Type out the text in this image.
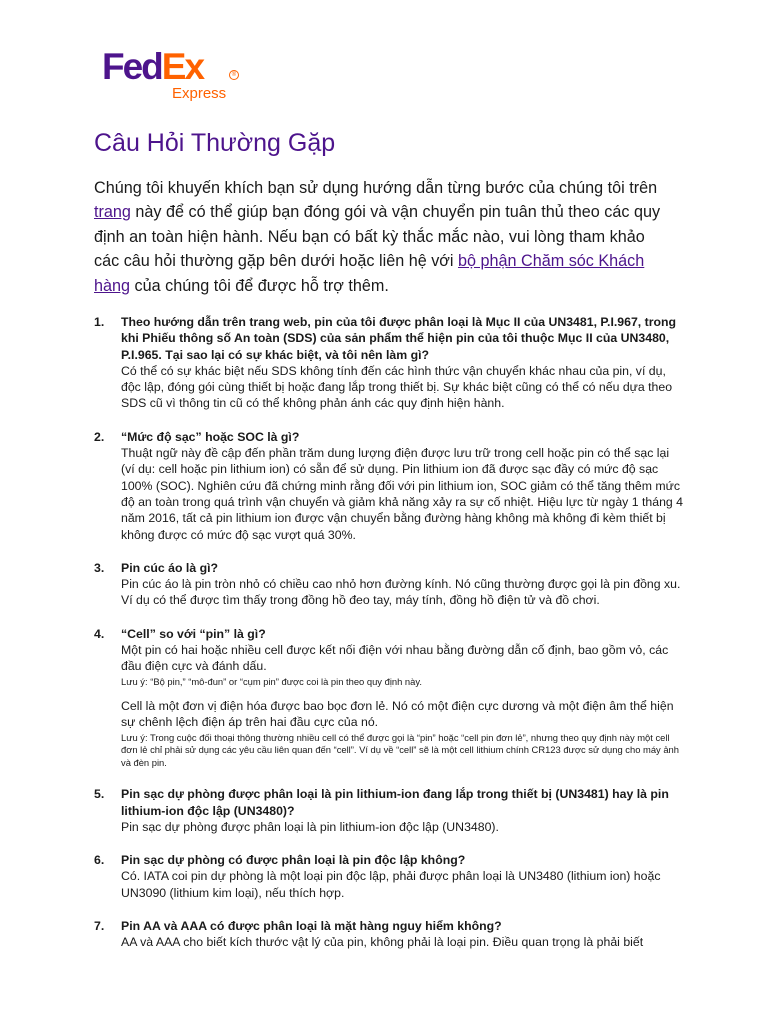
FedEx	®
Express
Câu Hỏi Thường Gặp

Chúng tôi khuyến khích bạn sử dụng hướng dẫn từng bước của chúng tôi trên trang này để có thể giúp bạn đóng gói và vận chuyển pin tuân thủ theo các quy định an toàn hiện hành. Nếu bạn có bất kỳ thắc mắc nào, vui lòng tham khảo các câu hỏi thường gặp bên dưới hoặc liên hệ với bộ phận Chăm sóc Khách hàng của chúng tôi để được hỗ trợ thêm.

1. Theo hướng dẫn trên trang web, pin của tôi được phân loại là Mục II của UN3481, P.I.967, trong khi Phiếu thông số An toàn (SDS) của sản phẩm thể hiện pin của tôi thuộc Mục II của UN3480, P.I.965. Tại sao lại có sự khác biệt, và tôi nên làm gì?

Có thể có sự khác biệt nếu SDS không tính đến các hình thức vận chuyển khác nhau của pin, ví dụ, độc lập, đóng gói cùng thiết bị hoặc đang lắp trong thiết bị. Sự khác biệt cũng có thể có nếu dựa theo SDS cũ vì thông tin cũ có thể không phản ánh các quy định hiện hành.

2. “Mức độ sạc” hoặc SOC là gì?

Thuật ngữ này đề cập đến phần trăm dung lượng điện được lưu trữ trong cell hoặc pin có thể sạc lại (ví dụ: cell hoặc pin lithium ion) có sẵn để sử dụng. Pin lithium ion đã được sạc đầy có mức độ sạc 100% (SOC). Nghiên cứu đã chứng minh rằng đối với pin lithium ion, SOC giảm có thể tăng thêm mức độ an toàn trong quá trình vận chuyển và giảm khả năng xảy ra sự cố nhiệt. Hiệu lực từ ngày 1 tháng 4 năm 2016, tất cả pin lithium ion được vận chuyển bằng đường hàng không mà không đi kèm thiết bị không được có mức độ sạc vượt quá 30%.

3. Pin cúc áo là gì?

Pin cúc áo là pin tròn nhỏ có chiều cao nhỏ hơn đường kính. Nó cũng thường được gọi là pin đồng xu. Ví dụ có thể được tìm thấy trong đồng hồ đeo tay, máy tính, đồng hồ điện tử và đồ chơi.

4. “Cell” so với “pin” là gì?

Một pin có hai hoặc nhiều cell được kết nối điện với nhau bằng đường dẫn cố định, bao gồm vỏ, các đầu điện cực và đánh dấu.

Lưu ý: “Bộ pin,” “mô-đun” or “cụm pin” được coi là pin theo quy định này.

Cell là một đơn vị điện hóa được bao bọc đơn lẻ. Nó có một điện cực dương và một điện âm thể hiện sự chênh lệch điện áp trên hai đầu cực của nó.

Lưu ý: Trong cuộc đối thoại thông thường nhiều cell có thể được gọi là “pin” hoặc “cell pin đơn lẻ”, nhưng theo quy định này một cell đơn lẻ chỉ phải sử dụng các yêu cầu liên quan đến “cell”. Ví dụ về “cell” sẽ là một cell lithium chính CR123 được sử dụng cho máy ảnh và đèn pin.

5. Pin sạc dự phòng được phân loại là pin lithium-ion đang lắp trong thiết bị (UN3481) hay là pin lithium-ion độc lập (UN3480)?

Pin sạc dự phòng được phân loại là pin lithium-ion độc lập (UN3480).

6. Pin sạc dự phòng có được phân loại là pin độc lập không?

Có. IATA coi pin dự phòng là một loại pin độc lập, phải được phân loại là UN3480 (lithium ion) hoặc UN3090 (lithium kim loại), nếu thích hợp.

7. Pin AA và AAA có được phân loại là mặt hàng nguy hiểm không?

AA và AAA cho biết kích thước vật lý của pin, không phải là loại pin. Điều quan trọng là phải biết
